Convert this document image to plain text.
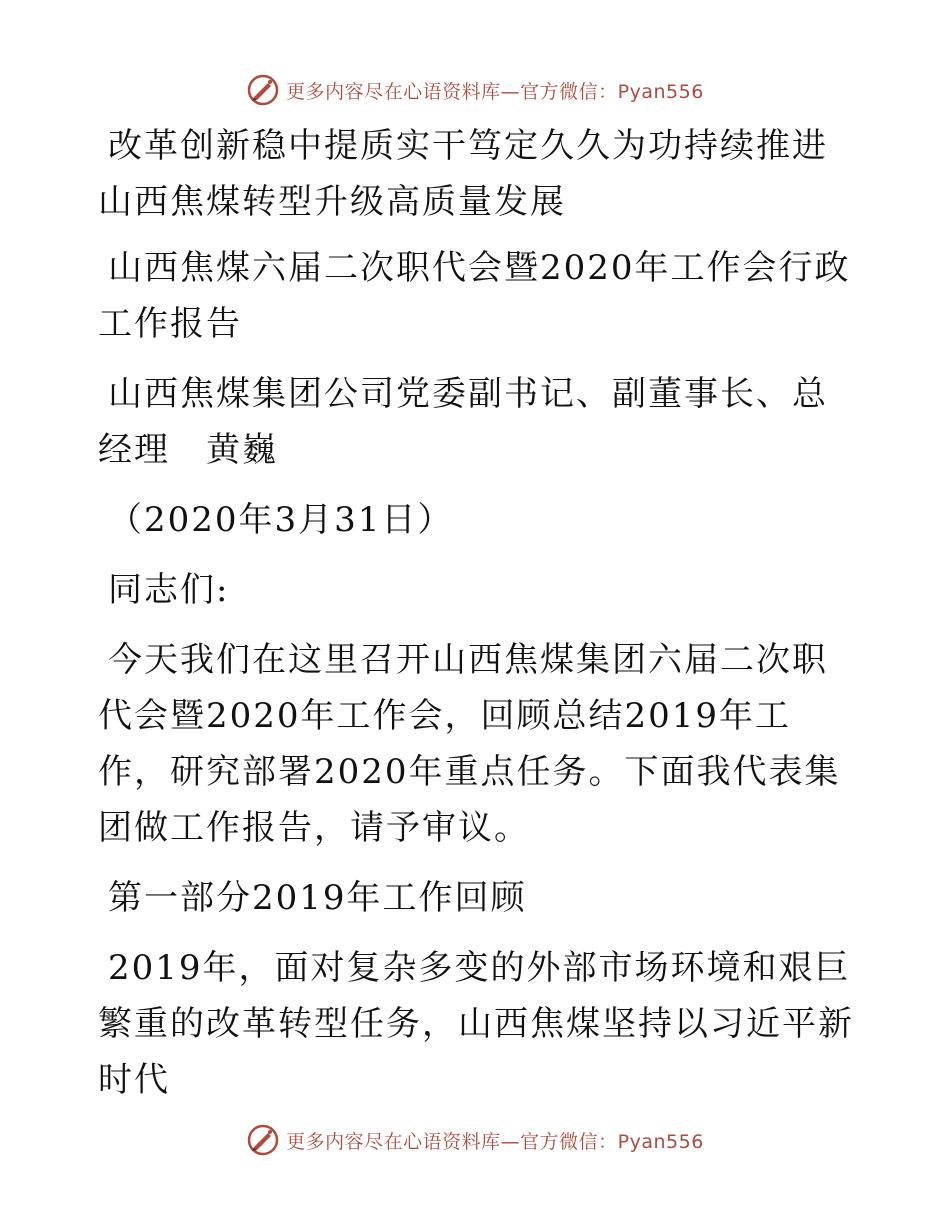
更多内容尽在心语资料库—官方微信：Pyan556

改革创新稳中提质实干笃定久久为功持续推进山西焦煤转型升级高质量发展

山西焦煤六届二次职代会暨2020年工作会行政工作报告

山西焦煤集团公司党委副书记、副董事长、总经理　黄巍

（2020年3月31日）

同志们:

今天我们在这里召开山西焦煤集团六届二次职代会暨2020年工作会，回顾总结2019年工作，研究部署2020年重点任务。下面我代表集团做工作报告，请予审议。

第一部分2019年工作回顾

2019年，面对复杂多变的外部市场环境和艰巨繁重的改革转型任务，山西焦煤坚持以习近平新时代

更多内容尽在心语资料库—官方微信：Pyan556
